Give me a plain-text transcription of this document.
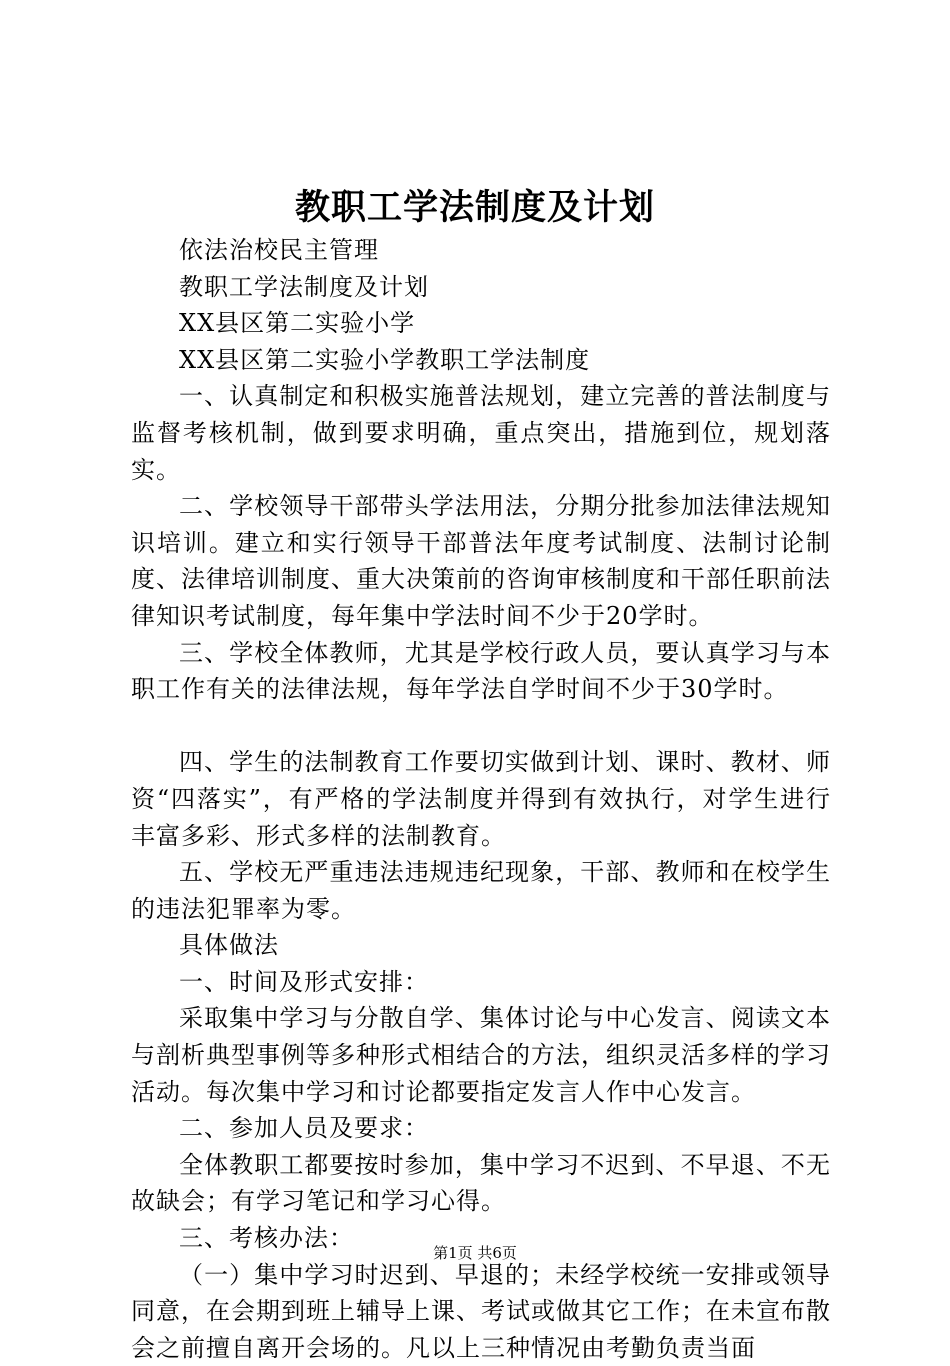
教职工学法制度及计划

依法治校民主管理

教职工学法制度及计划

XX县区第二实验小学

XX县区第二实验小学教职工学法制度

一、认真制定和积极实施普法规划，建立完善的普法制度与监督考核机制，做到要求明确，重点突出，措施到位，规划落实。

二、学校领导干部带头学法用法，分期分批参加法律法规知识培训。建立和实行领导干部普法年度考试制度、法制讨论制度、法律培训制度、重大决策前的咨询审核制度和干部任职前法律知识考试制度，每年集中学法时间不少于20学时。

三、学校全体教师，尤其是学校行政人员，要认真学习与本职工作有关的法律法规，每年学法自学时间不少于30学时。

四、学生的法制教育工作要切实做到计划、课时、教材、师资“四落实”，有严格的学法制度并得到有效执行，对学生进行丰富多彩、形式多样的法制教育。

五、学校无严重违法违规违纪现象，干部、教师和在校学生的违法犯罪率为零。

具体做法

一、时间及形式安排：

采取集中学习与分散自学、集体讨论与中心发言、阅读文本与剖析典型事例等多种形式相结合的方法，组织灵活多样的学习活动。每次集中学习和讨论都要指定发言人作中心发言。

二、参加人员及要求：

全体教职工都要按时参加，集中学习不迟到、不早退、不无故缺会；有学习笔记和学习心得。

三、考核办法：

（一）集中学习时迟到、早退的；未经学校统一安排或领导同意，在会期到班上辅导上课、考试或做其它工作；在未宣布散会之前擅自离开会场的。凡以上三种情况由考勤负责当面

第1页 共6页
